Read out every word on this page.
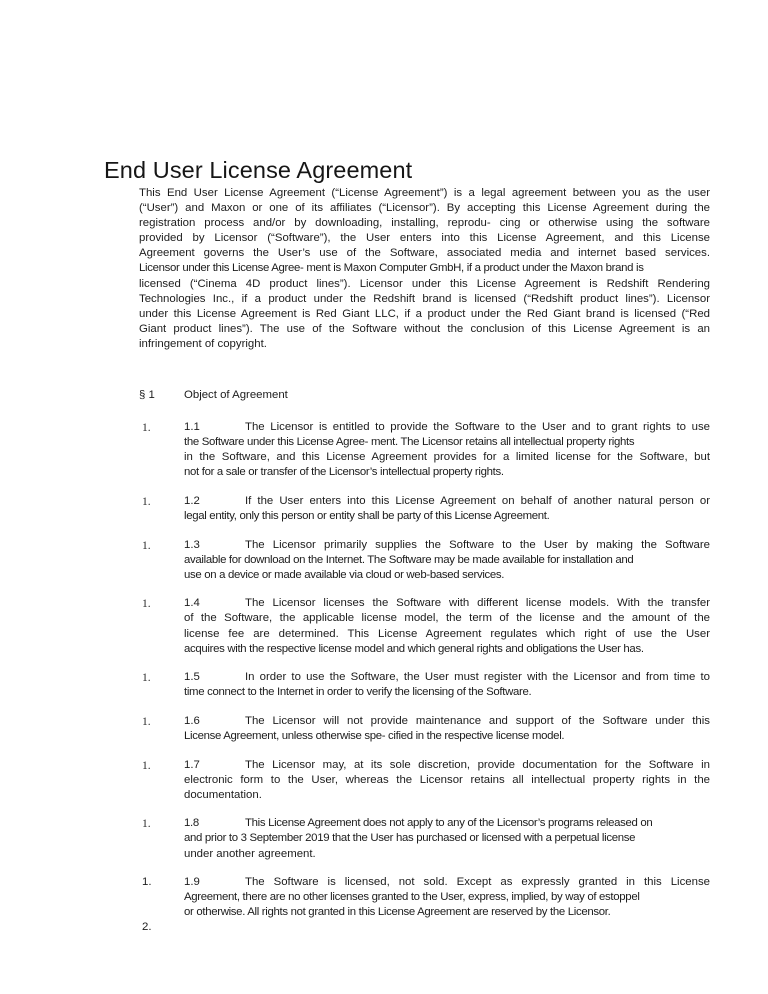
End User License Agreement

This End User License Agreement (“License Agreement”) is a legal agreement between you as the user
(“User”) and Maxon or one of its affiliates (“Licensor”). By accepting this License Agreement during the
registration process and/or by downloading, installing, reprodu- cing or otherwise using the software
provided by Licensor (“Software”), the User enters into this License Agreement, and this License
Agreement governs the User’s use of the Software, associated media and internet based services.
Licensor under this License Agree- ment is Maxon Computer GmbH, if a product under the Maxon brand is
licensed (“Cinema 4D product lines”). Licensor under this License Agreement is Redshift Rendering
Technologies Inc., if a product under the Redshift brand is licensed (“Redshift product lines”). Licensor
under this License Agreement is Red Giant LLC, if a product under the Red Giant brand is licensed (“Red
Giant product lines”). The use of the Software without the conclusion of this License Agreement is an
infringement of copyright.

§ 1	Object of Agreement
1.	1.1	The Licensor is entitled to provide the Software to the User and to grant rights to use
the Software under this License Agree- ment. The Licensor retains all intellectual property rights
in the Software, and this License Agreement provides for a limited license for the Software, but
not for a sale or transfer of the Licensor’s intellectual property rights.
1.	1.2	If the User enters into this License Agreement on behalf of another natural person or
legal entity, only this person or entity shall be party of this License Agreement.
1.	1.3	The Licensor primarily supplies the Software to the User by making the Software
available for download on the Internet. The Software may be made available for installation and
use on a device or made available via cloud or web-based services.
1.	1.4	The Licensor licenses the Software with different license models. With the transfer
of the Software, the applicable license model, the term of the license and the amount of the
license fee are determined. This License Agreement regulates which right of use the User
acquires with the respective license model and which general rights and obligations the User has.
1.	1.5	In order to use the Software, the User must register with the Licensor and from time to
time connect to the Internet in order to verify the licensing of the Software.
1.	1.6	The Licensor will not provide maintenance and support of the Software under this
License Agreement, unless otherwise spe- cified in the respective license model.
1.	1.7	The Licensor may, at its sole discretion, provide documentation for the Software in
electronic form to the User, whereas the Licensor retains all intellectual property rights in the
documentation.
1.	1.8	This License Agreement does not apply to any of the Licensor’s programs released on
and prior to 3 September 2019 that the User has purchased or licensed with a perpetual license
under another agreement.
1.	1.9	The Software is licensed, not sold. Except as expressly granted in this License
Agreement, there are no other licenses granted to the User, express, implied, by way of estoppel
or otherwise. All rights not granted in this License Agreement are reserved by the Licensor.
2.
